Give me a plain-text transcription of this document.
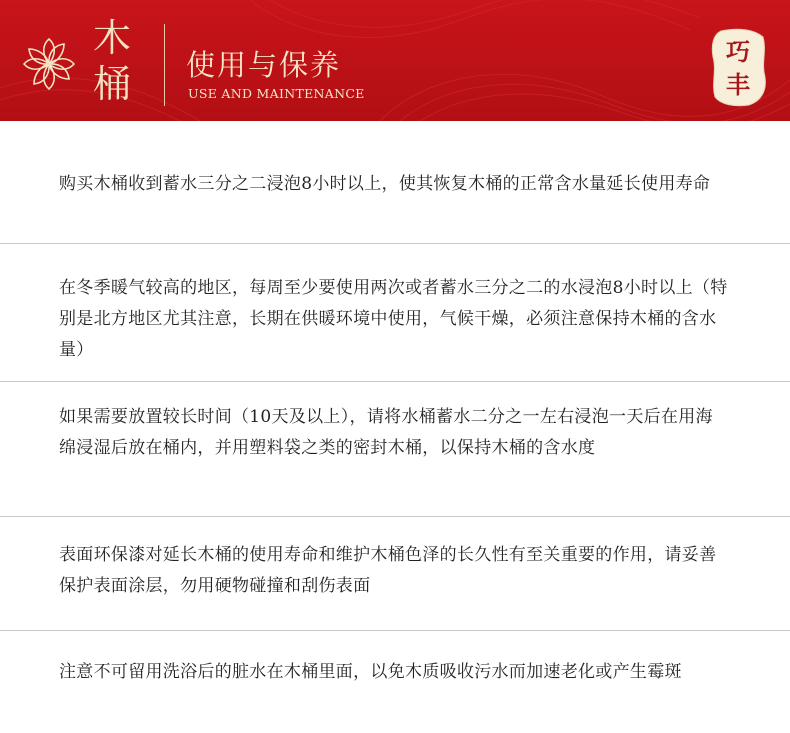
木
桶	使用与保养
USE AND MAINTENANCE
巧
丰

购买木桶收到蓄水三分之二浸泡8小时以上，使其恢复木桶的正常含水量延长使用寿命

在冬季暖气较高的地区，每周至少要使用两次或者蓄水三分之二的水浸泡8小时以上（特别是北方地区尤其注意，长期在供暖环境中使用，气候干燥，必须注意保持木桶的含水量）

如果需要放置较长时间（10天及以上），请将水桶蓄水二分之一左右浸泡一天后在用海绵浸湿后放在桶内，并用塑料袋之类的密封木桶，以保持木桶的含水度

表面环保漆对延长木桶的使用寿命和维护木桶色泽的长久性有至关重要的作用，请妥善保护表面涂层，勿用硬物碰撞和刮伤表面

注意不可留用洗浴后的脏水在木桶里面，以免木质吸收污水而加速老化或产生霉斑
